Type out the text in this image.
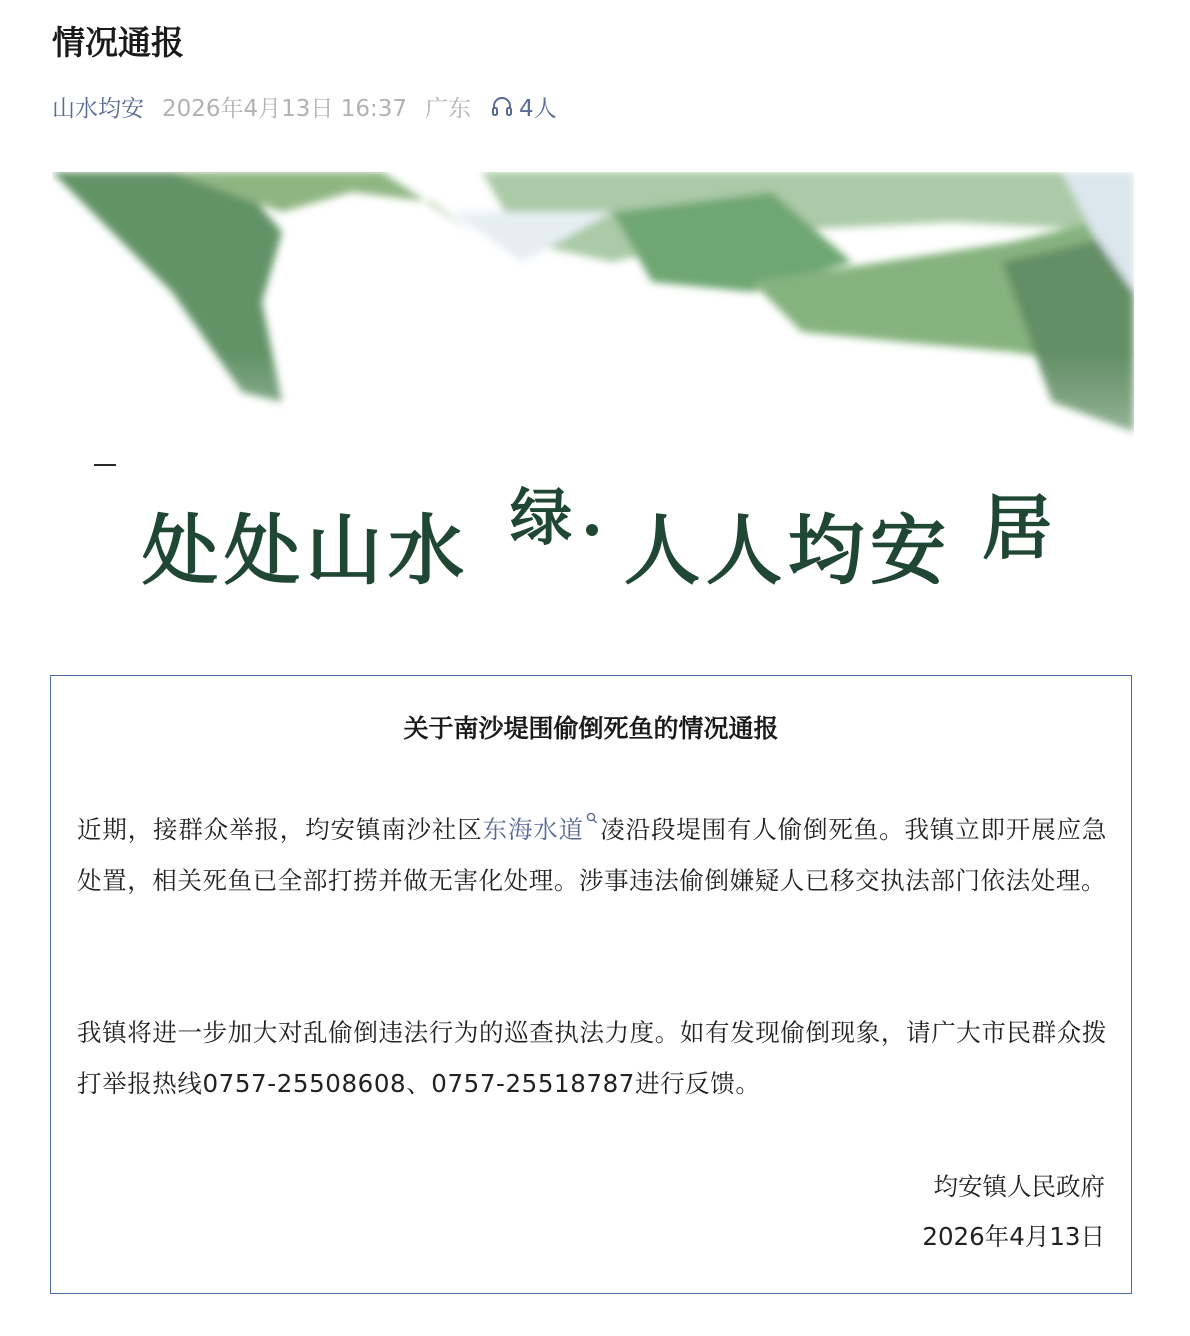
情况通报
山水均安 2026年4月13日 16:37 广东 4人
处处山水 绿 人人均安 居
关于南沙堤围偷倒死鱼的情况通报
近期，接群众举报，均安镇南沙社区东海水道 凌沿段堤围有人偷倒死鱼。我镇立即开展应急处置，相关死鱼已全部打捞并做无害化处理。涉事违法偷倒嫌疑人已移交执法部门依法处理。
我镇将进一步加大对乱偷倒违法行为的巡查执法力度。如有发现偷倒现象，请广大市民群众拨打举报热线0757-25508608、0757-25518787进行反馈。
均安镇人民政府
2026年4月13日
